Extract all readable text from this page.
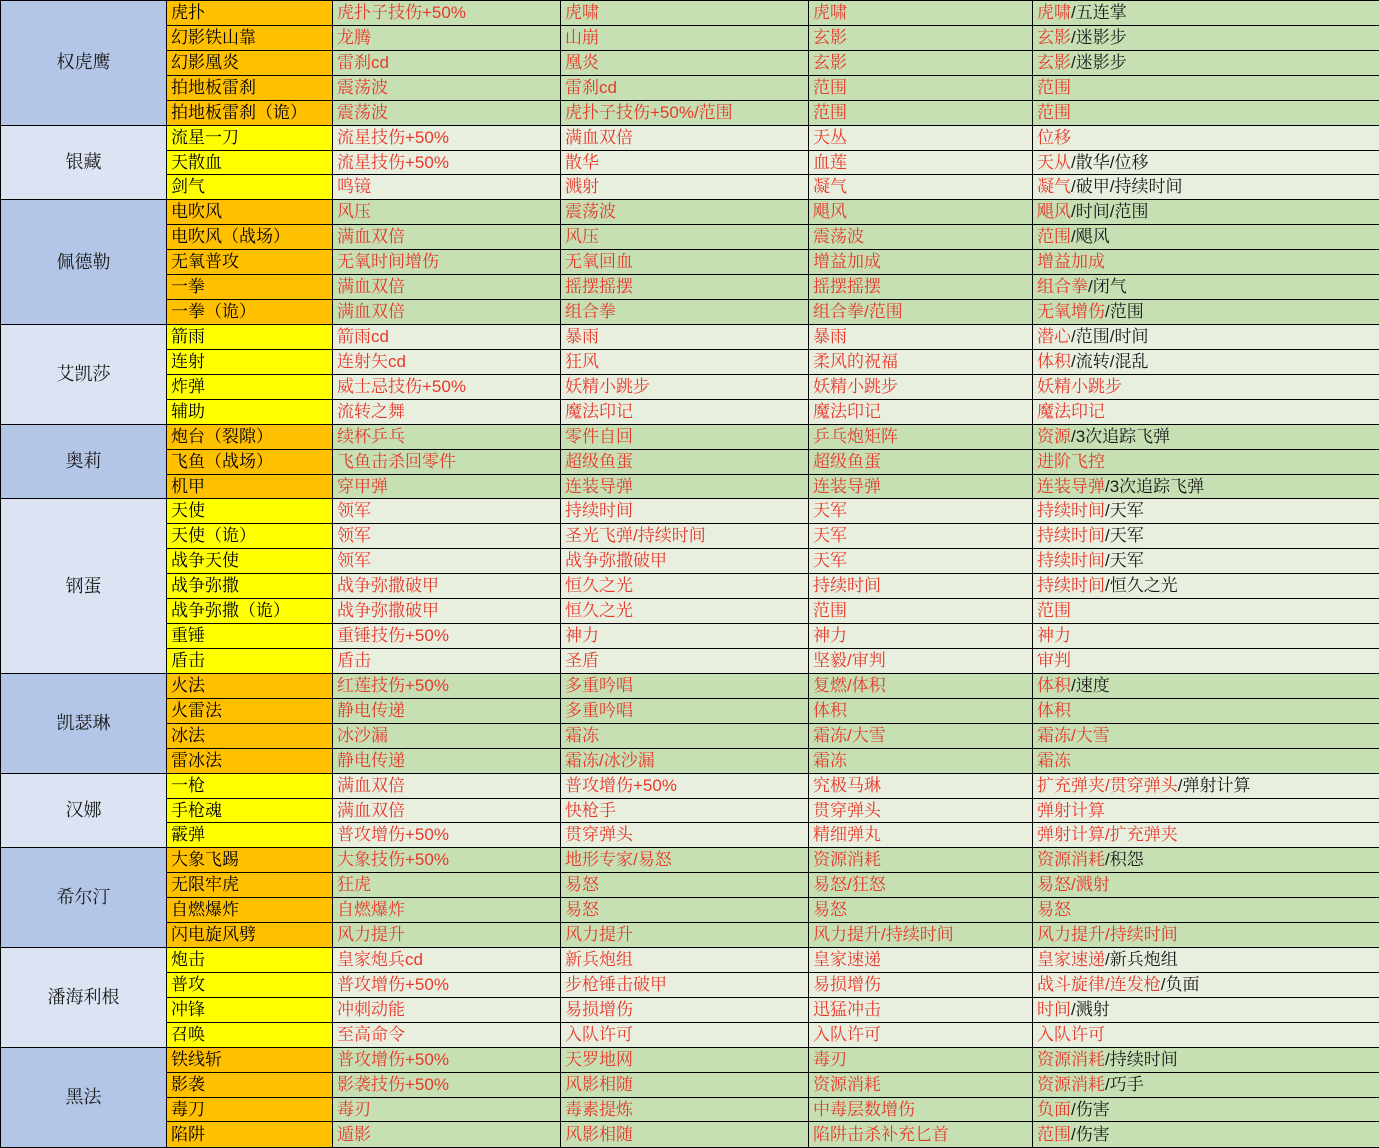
权虎鹰	虎扑	虎扑子技伤+50%	虎啸	虎啸	虎啸/五连掌
	幻影铁山靠	龙腾	山崩	玄影	玄影/迷影步
	幻影凰炎	雷刹cd	凰炎	玄影	玄影/迷影步
	拍地板雷刹	震荡波	雷刹cd	范围	范围
	拍地板雷刹（诡）	震荡波	虎扑子技伤+50%/范围	范围	范围
银藏	流星一刀	流星技伤+50%	满血双倍	天丛	位移
	天散血	流星技伤+50%	散华	血莲	天从/散华/位移
	剑气	鸣镜	溅射	凝气	凝气/破甲/持续时间
佩德勒	电吹风	风压	震荡波	飓风	飓风/时间/范围
	电吹风（战场）	满血双倍	风压	震荡波	范围/飓风
	无氧普攻	无氧时间增伤	无氧回血	增益加成	增益加成
	一拳	满血双倍	摇摆摇摆	摇摆摇摆	组合拳/闭气
	一拳（诡）	满血双倍	组合拳	组合拳/范围	无氧增伤/范围
艾凯莎	箭雨	箭雨cd	暴雨	暴雨	潜心/范围/时间
	连射	连射矢cd	狂风	柔风的祝福	体积/流转/混乱
	炸弹	威士忌技伤+50%	妖精小跳步	妖精小跳步	妖精小跳步
	辅助	流转之舞	魔法印记	魔法印记	魔法印记
奥莉	炮台（裂隙）	续杯乒乓	零件自回	乒乓炮矩阵	资源/3次追踪飞弹
	飞鱼（战场）	飞鱼击杀回零件	超级鱼蛋	超级鱼蛋	进阶飞控
	机甲	穿甲弹	连装导弹	连装导弹	连装导弹/3次追踪飞弹
钢蛋	天使	领军	持续时间	天军	持续时间/天军
	天使（诡）	领军	圣光飞弹/持续时间	天军	持续时间/天军
	战争天使	领军	战争弥撒破甲	天军	持续时间/天军
	战争弥撒	战争弥撒破甲	恒久之光	持续时间	持续时间/恒久之光
	战争弥撒（诡）	战争弥撒破甲	恒久之光	范围	范围
	重锤	重锤技伤+50%	神力	神力	神力
	盾击	盾击	圣盾	坚毅/审判	审判
凯瑟琳	火法	红莲技伤+50%	多重吟唱	复燃/体积	体积/速度
	火雷法	静电传递	多重吟唱	体积	体积
	冰法	冰沙漏	霜冻	霜冻/大雪	霜冻/大雪
	雷冰法	静电传递	霜冻/冰沙漏	霜冻	霜冻
汉娜	一枪	满血双倍	普攻增伤+50%	究极马琳	扩充弹夹/贯穿弹头/弹射计算
	手枪魂	满血双倍	快枪手	贯穿弹头	弹射计算
	霰弹	普攻增伤+50%	贯穿弹头	精细弹丸	弹射计算/扩充弹夹
希尔汀	大象飞踢	大象技伤+50%	地形专家/易怒	资源消耗	资源消耗/积怨
	无限牢虎	狂虎	易怒	易怒/狂怒	易怒/溅射
	自燃爆炸	自燃爆炸	易怒	易怒	易怒
	闪电旋风劈	风力提升	风力提升	风力提升/持续时间	风力提升/持续时间
潘海利根	炮击	皇家炮兵cd	新兵炮组	皇家速递	皇家速递/新兵炮组
	普攻	普攻增伤+50%	步枪锤击破甲	易损增伤	战斗旋律/连发枪/负面
	冲锋	冲刺动能	易损增伤	迅猛冲击	时间/溅射
	召唤	至高命令	入队许可	入队许可	入队许可
黑法	铁线斩	普攻增伤+50%	天罗地网	毒刃	资源消耗/持续时间
	影袭	影袭技伤+50%	风影相随	资源消耗	资源消耗/巧手
	毒刀	毒刃	毒素提炼	中毒层数增伤	负面/伤害
	陷阱	遁影	风影相随	陷阱击杀补充匕首	范围/伤害
